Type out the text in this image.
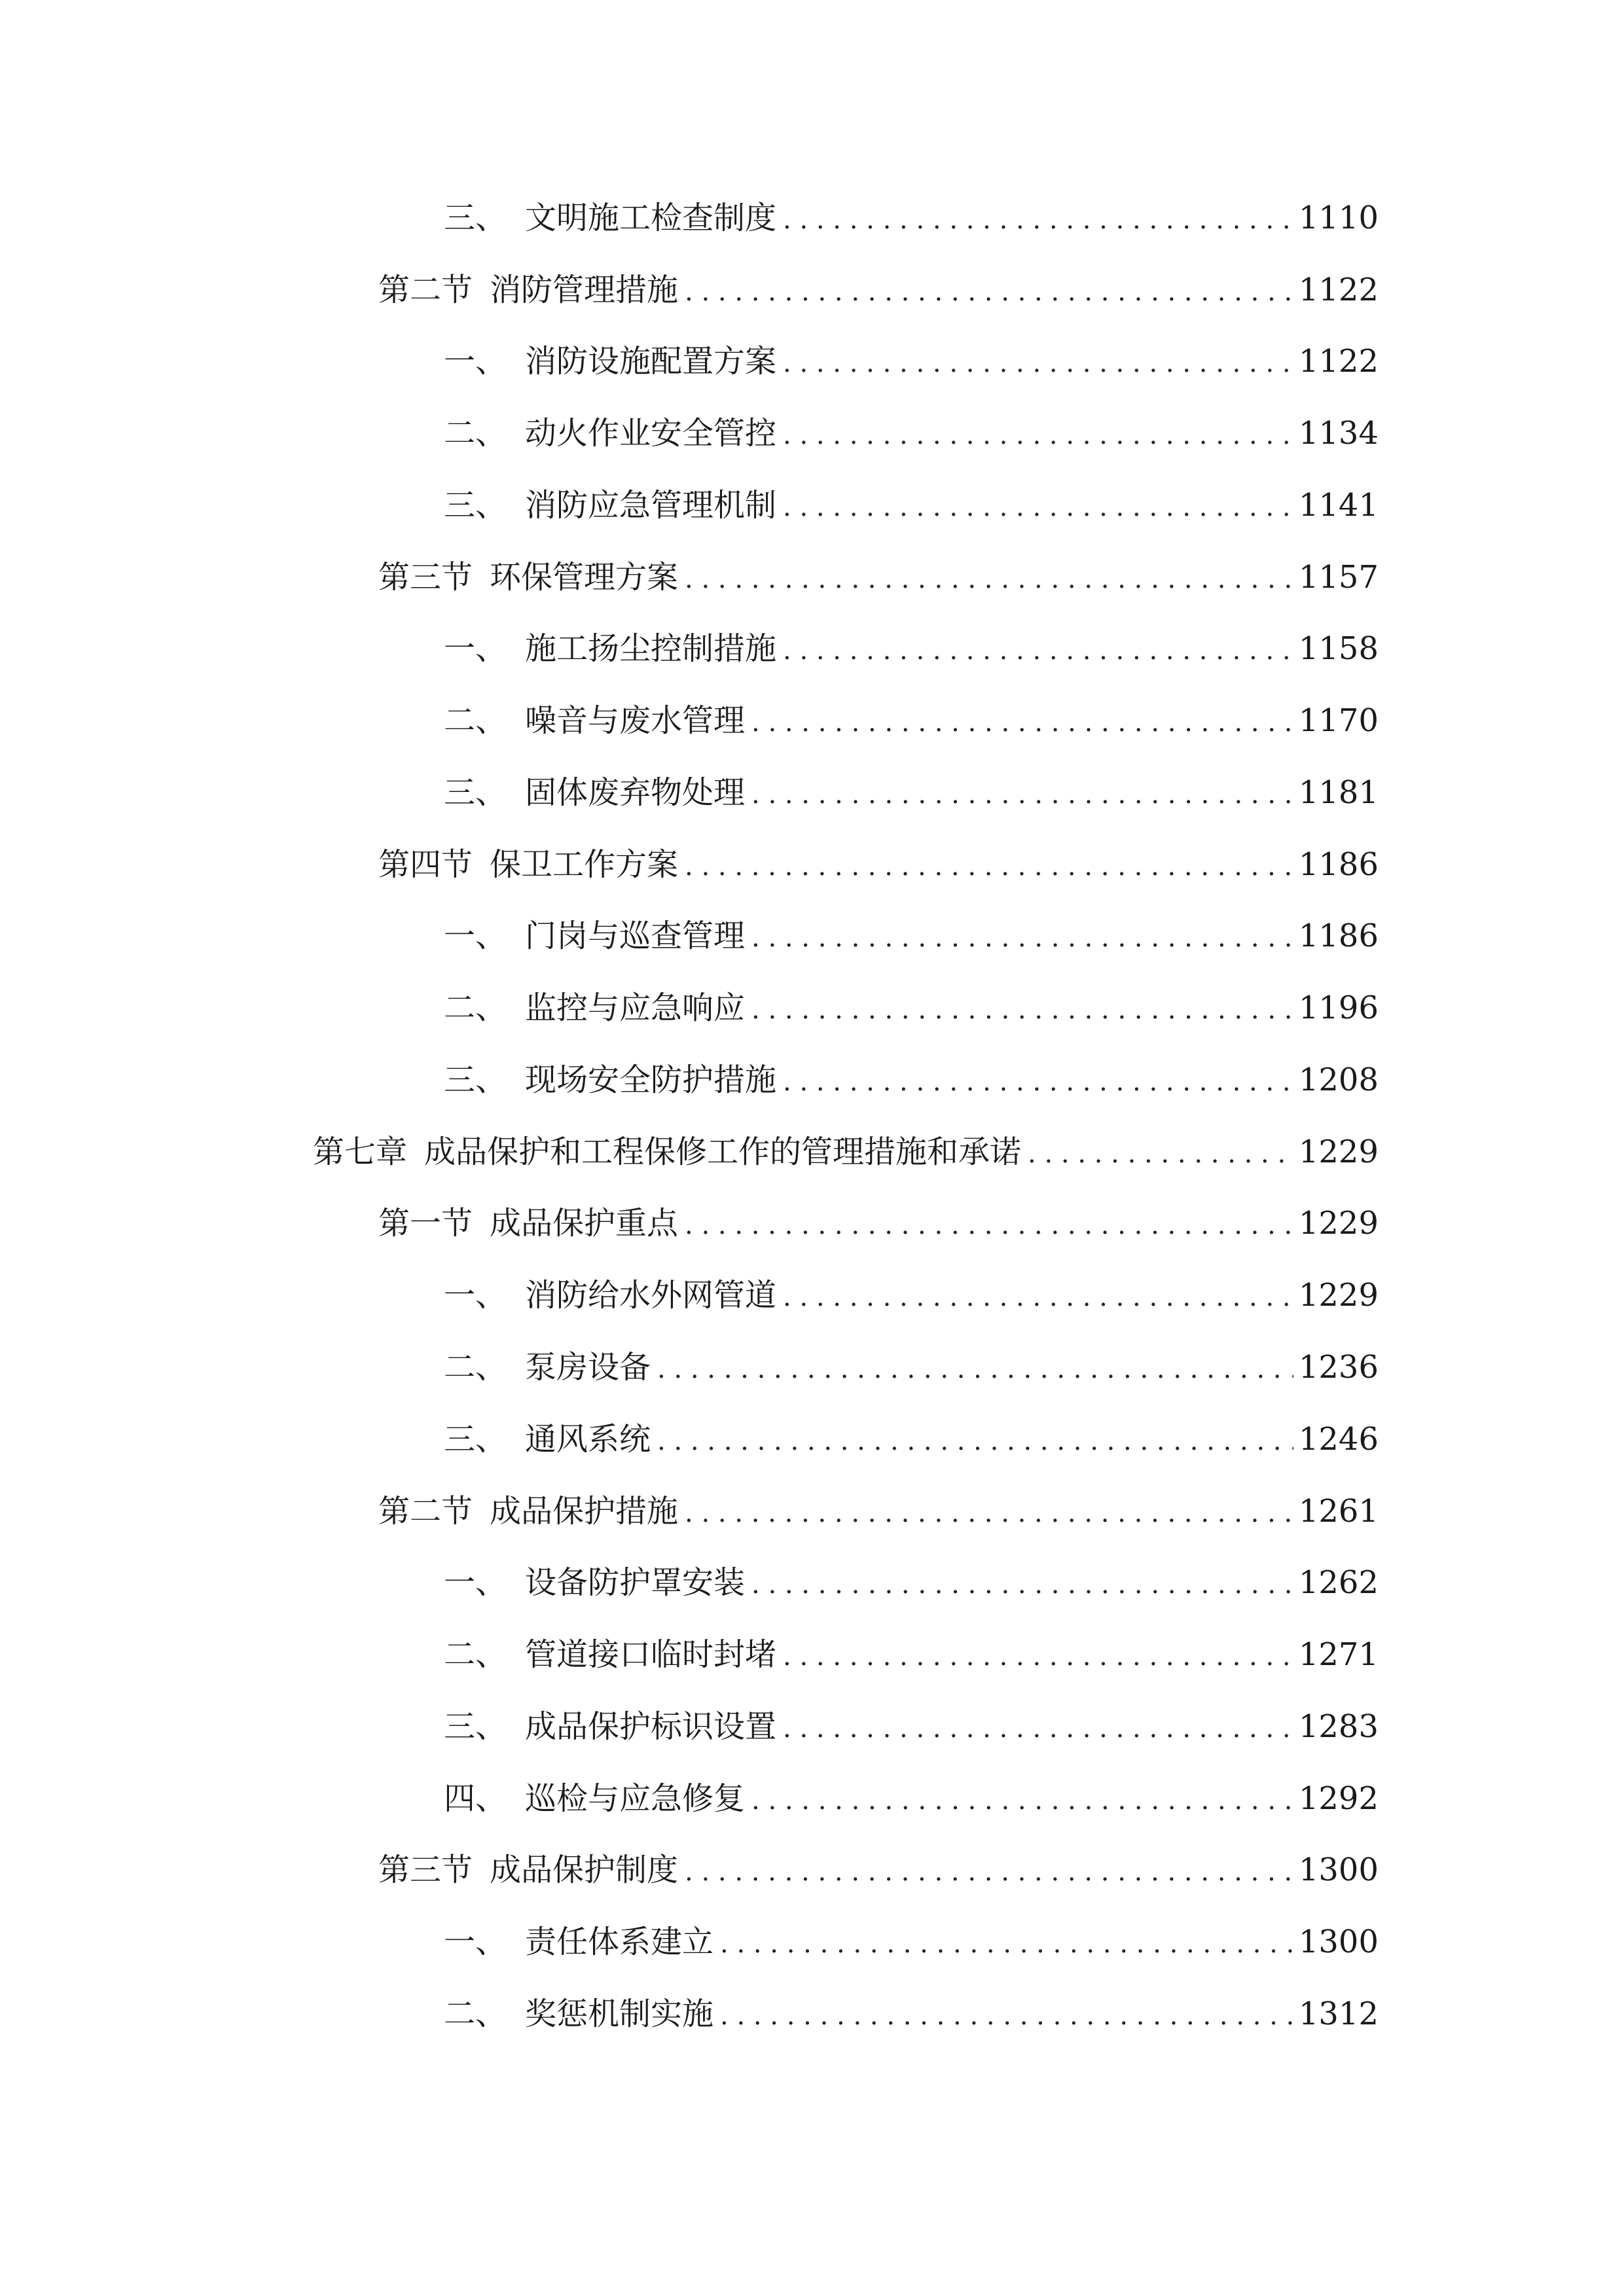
三、 文明施工检查制度 . . .	1110
第二节 消防管理措施 . . .	1122
一、 消防设施配置方案 . . .	1122
二、 动火作业安全管控 . . .	1134
三、 消防应急管理机制 . . .	1141
第三节 环保管理方案 . . .	1157
一、 施工扬尘控制措施 . . .	1158
二、 噪音与废水管理 . . .	1170
三、 固体废弃物处理 . . .	1181
第四节 保卫工作方案 . . .	1186
一、 门岗与巡查管理 . . .	1186
二、 监控与应急响应 . . .	1196
三、 现场安全防护措施 . . .	1208
第七章 成品保护和工程保修工作的管理措施和承诺 . . .	1229
第一节 成品保护重点 . . .	1229
一、 消防给水外网管道 . . .	1229
二、 泵房设备 . . .	1236
三、 通风系统 . . .	1246
第二节 成品保护措施 . . .	1261
一、 设备防护罩安装 . . .	1262
二、 管道接口临时封堵 . . .	1271
三、 成品保护标识设置 . . .	1283
四、 巡检与应急修复 . . .	1292
第三节 成品保护制度 . . .	1300
一、 责任体系建立 . . .	1300
二、 奖惩机制实施 . . .	1312
